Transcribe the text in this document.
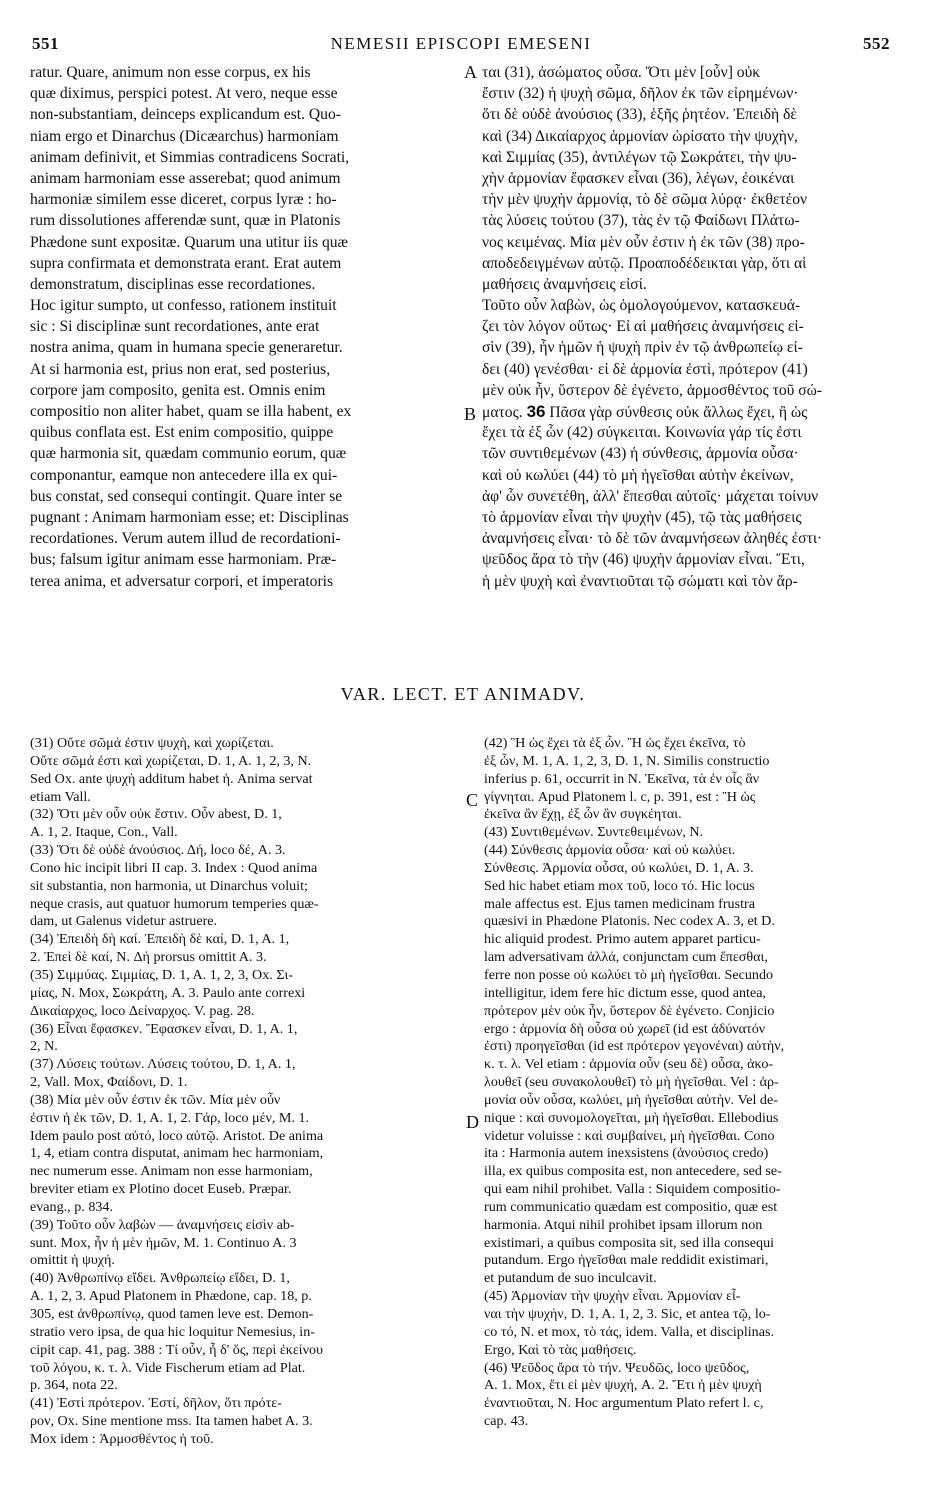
551	NEMESII EPISCOPI EMESENI	552
ratur. Quare, animum non esse corpus, ex his
quæ diximus, perspici potest. At vero, neque esse
non-substantiam, deinceps explicandum est. Quo-
niam ergo et Dinarchus (Dicæarchus) harmoniam
animam definivit, et Simmias contradicens Socrati,
animam harmoniam esse asserebat; quod animum
harmoniæ similem esse diceret, corpus lyræ : ho-
rum dissolutiones afferendæ sunt, quæ in Platonis
Phædone sunt expositæ. Quarum una utitur iis quæ
supra confirmata et demonstrata erant. Erat autem
demonstratum, disciplinas esse recordationes.
Hoc igitur sumpto, ut confesso, rationem instituit
sic : Si disciplinæ sunt recordationes, ante erat
nostra anima, quam in humana specie generaretur.
At si harmonia est, prius non erat, sed posterius,
corpore jam composito, genita est. Omnis enim
compositio non aliter habet, quam se illa habent, ex
quibus conflata est. Est enim compositio, quippe
quæ harmonia sit, quædam communio eorum, quæ
componantur, eamque non antecedere illa ex qui-
bus constat, sed consequi contingit. Quare inter se
pugnant : Animam harmoniam esse; et: Disciplinas
recordationes. Verum autem illud de recordationi-
bus; falsum igitur animam esse harmoniam. Præ-
terea anima, et adversatur corpori, et imperatoris
ται (31), ἀσώματος οὖσα. Ὅτι μὲν [οὖν] οὐκ
ἔστιν (32) ἡ ψυχὴ σῶμα, δῆλον ἐκ τῶν εἰρημένων·
ὅτι δὲ οὐδὲ ἀνούσιος (33), ἑξῆς ῥητέον. Ἐπειδὴ δὲ
καὶ (34) Δικαίαρχος ἁρμονίαν ὡρίσατο τὴν ψυχὴν,
καὶ Σιμμίας (35), ἀντιλέγων τῷ Σωκράτει, τὴν ψυ-
χὴν ἁρμονίαν ἔφασκεν εἶναι (36), λέγων, ἐοικέναι
τὴν μὲν ψυχὴν ἁρμονίᾳ, τὸ δὲ σῶμα λύρᾳ· ἐκθετέον
τὰς λύσεις τούτου (37), τὰς ἐν τῷ Φαίδωνι Πλάτω-
νος κειμένας. Μία μὲν οὖν ἐστιν ἡ ἐκ τῶν (38) προ-
αποδεδειγμένων αὐτῷ. Προαποδέδεικται γὰρ, ὅτι αἱ
μαθήσεις ἀναμνήσεις εἰσί.
Τοῦτο οὖν λαβὼν, ὡς ὁμολογούμενον, κατασκευά-
ζει τὸν λόγον οὕτως· Εἰ αἱ μαθήσεις ἀναμνήσεις εἰ-
σὶν (39), ἦν ἡμῶν ἡ ψυχὴ πρὶν ἐν τῷ ἀνθρωπείῳ εἰ-
δει (40) γενέσθαι· εἰ δὲ ἁρμονία ἐστὶ, πρότερον (41)
μὲν οὐκ ἦν, ὕστερον δὲ ἐγένετο, ἁρμοσθέντος τοῦ σώ-
ματος. 36 Πᾶσα γὰρ σύνθεσις οὐκ ἄλλως ἔχει, ἢ ὡς
ἔχει τὰ ἐξ ὧν (42) σύγκειται. Κοινωνία γάρ τίς ἐστι
τῶν συντιθεμένων (43) ἡ σύνθεσις, ἁρμονία οὖσα·
καὶ οὐ κωλύει (44) τὸ μὴ ἡγεῖσθαι αὐτὴν ἐκείνων,
ἀφ' ὧν συνετέθη, ἀλλ' ἕπεσθαι αὐτοῖς· μάχεται τοίνυν
τὸ ἁρμονίαν εἶναι τὴν ψυχὴν (45), τῷ τὰς μαθήσεις
ἀναμνήσεις εἶναι· τὸ δὲ τῶν ἀναμνήσεων ἀληθές ἐστι·
ψεῦδος ἄρα τὸ τὴν (46) ψυχὴν ἁρμονίαν εἶναι. Ἔτι,
ἡ μὲν ψυχὴ καὶ ἐναντιοῦται τῷ σώματι καὶ τὸν ἄρ-
A
B
C
D
VAR. LECT. ET ANIMADV.
(31) Οὔτε σῶμά ἐστιν ψυχὴ, καὶ χωρίζεται.
Οὔτε σῶμά ἐστι καὶ χωρίζεται, D. 1, A. 1, 2, 3, N.
Sed Ox. ante ψυχὴ additum habet ἡ. Anima servat
etiam Vall.
(32) Ὅτι μὲν οὖν οὐκ ἔστιν. Οὖν abest, D. 1,
A. 1, 2. Itaque, Con., Vall.
(33) Ὅτι δὲ οὐδὲ ἀνούσιος. Δή, loco δέ, A. 3.
Cono hic incipit libri II cap. 3. Index : Quod anima
sit substantia, non harmonia, ut Dinarchus voluit;
neque crasis, aut quatuor humorum temperies quæ-
dam, ut Galenus videtur astruere.
(34) Ἐπειδὴ δὴ καί. Ἐπειδὴ δὲ καί, D. 1, A. 1,
2. Ἐπεὶ δὲ καί, N. Δή prorsus omittit A. 3.
(35) Σιμμύας. Σιμμίας, D. 1, A. 1, 2, 3, Ox. Σι-
μίας, N. Mox, Σωκράτη, A. 3. Paulo ante correxi
Δικαίαρχος, loco Δείναρχος. V. pag. 28.
(36) Εἶναι ἔφασκεν. Ἔφασκεν εἶναι, D. 1, A. 1,
2, N.
(37) Λύσεις τούτων. Λύσεις τούτου, D. 1, A. 1,
2, Vall. Mox, Φαίδονι, D. 1.
(38) Μία μὲν οὖν ἐστιν ἐκ τῶν. Μία μὲν οὖν
ἐστιν ἡ ἐκ τῶν, D. 1, A. 1, 2. Γάρ, loco μέν, M. 1.
Idem paulo post αὐτό, loco αὐτῷ. Aristot. De anima
1, 4, etiam contra disputat, animam hec harmoniam,
nec numerum esse. Animam non esse harmoniam,
breviter etiam ex Plotino docet Euseb. Præpar.
evang., p. 834.
(39) Τοῦτο οὖν λαβὼν — ἀναμνήσεις εἰσὶν ab-
sunt. Mox, ἦν ἡ μὲν ἡμῶν, M. 1. Continuo A. 3
omittit ἡ ψυχή.
(40) Ἀνθρωπίνῳ εἴδει. Ἀνθρωπείῳ εἴδει, D. 1,
A. 1, 2, 3. Apud Platonem in Phædone, cap. 18, p.
305, est ἀνθρωπίνῳ, quod tamen leve est. Demon-
stratio vero ipsa, de qua hic loquitur Nemesius, in-
cipit cap. 41, pag. 388 : Τί οὖν, ἦ δ' ὅς, περὶ ἐκείνου
τοῦ λόγου, κ. τ. λ. Vide Fischerum etiam ad Plat.
p. 364, nota 22.
(41) Ἐστὶ πρότερον. Ἐστί, δῆλον, ὅτι πρότε-
ρον, Ox. Sine mentione mss. Ita tamen habet A. 3.
Mox idem : Ἁρμοσθέντος ἡ τοῦ.
(42) Ἣ ὡς ἔχει τὰ ἐξ ὧν. Ἢ ὡς ἔχει ἐκεῖνα, τὸ
ἐξ ὧν, M. 1, A. 1, 2, 3, D. 1, N. Similis constructio
inferius p. 61, occurrit in N. Ἐκεῖνα, τὰ ἐν οἷς ἂν
γίγνηται. Apud Platonem l. c, p. 391, est : Ἢ ὡς
ἐκεῖνα ἂν ἔχῃ, ἐξ ὧν ἂν συγκέηται.
(43) Συντιθεμένων. Συντεθειμένων, N.
(44) Σύνθεσις ἁρμονία οὖσα· καὶ οὐ κωλύει.
Σύνθεσις. Ἁρμονία οὖσα, οὐ κωλύει, D. 1, A. 3.
Sed hic habet etiam mox τοῦ, loco τό. Hic locus
male affectus est. Ejus tamen medicinam frustra
quæsivi in Phædone Platonis. Nec codex A. 3, et D.
hic aliquid prodest. Primo autem apparet particu-
lam adversativam ἀλλά, conjunctam cum ἕπεσθαι,
ferre non posse οὐ κωλύει τὸ μὴ ἡγεῖσθαι. Secundo
intelligitur, idem fere hic dictum esse, quod antea,
πρότερον μὲν οὐκ ἦν, ὕστερον δὲ ἐγένετο. Conjicio
ergo : ἁρμονία δὴ οὖσα οὐ χωρεῖ (id est ἀδύνατόν
ἐστι) προηγεῖσθαι (id est πρότερον γεγονέναι) αὐτὴν,
κ. τ. λ. Vel etiam : ἁρμονία οὖν (seu δὲ) οὖσα, ἀκο-
λουθεῖ (seu συνακολουθεῖ) τὸ μὴ ἡγεῖσθαι. Vel : ἁρ-
μονία οὖν οὖσα, κωλύει, μὴ ἡγεῖσθαι αὐτὴν. Vel de-
nique : καὶ συνομολογεῖται, μὴ ἡγεῖσθαι. Ellebodius
videtur voluisse : καὶ συμβαίνει, μὴ ἡγεῖσθαι. Cono
ita : Harmonia autem inexsistens (ἀνούσιος credo)
illa, ex quibus composita est, non antecedere, sed se-
qui eam nihil prohibet. Valla : Siquidem compositio-
rum communicatio quædam est compositio, quæ est
harmonia. Atqui nihil prohibet ipsam illorum non
existimari, a quibus composita sit, sed illa consequi
putandum. Ergo ἡγεῖσθαι male reddidit existimari,
et putandum de suo inculcavit.
(45) Ἁρμονίαν τὴν ψυχὴν εἶναι. Ἁρμονίαν εἶ-
ναι τὴν ψυχήν, D. 1, A. 1, 2, 3. Sic, et antea τῷ, lo-
co τό, N. et mox, τὸ τάς, idem. Valla, et disciplinas.
Ergo, Καὶ τὸ τὰς μαθήσεις.
(46) Ψεῦδος ἄρα τὸ τήν. Ψευδῶς, loco ψεῦδος,
A. 1. Mox, ἔτι εἰ μὲν ψυχή, A. 2. Ἔτι ἡ μὲν ψυχὴ
ἐναντιοῦται, N. Hoc argumentum Plato refert l. c,
cap. 43.
